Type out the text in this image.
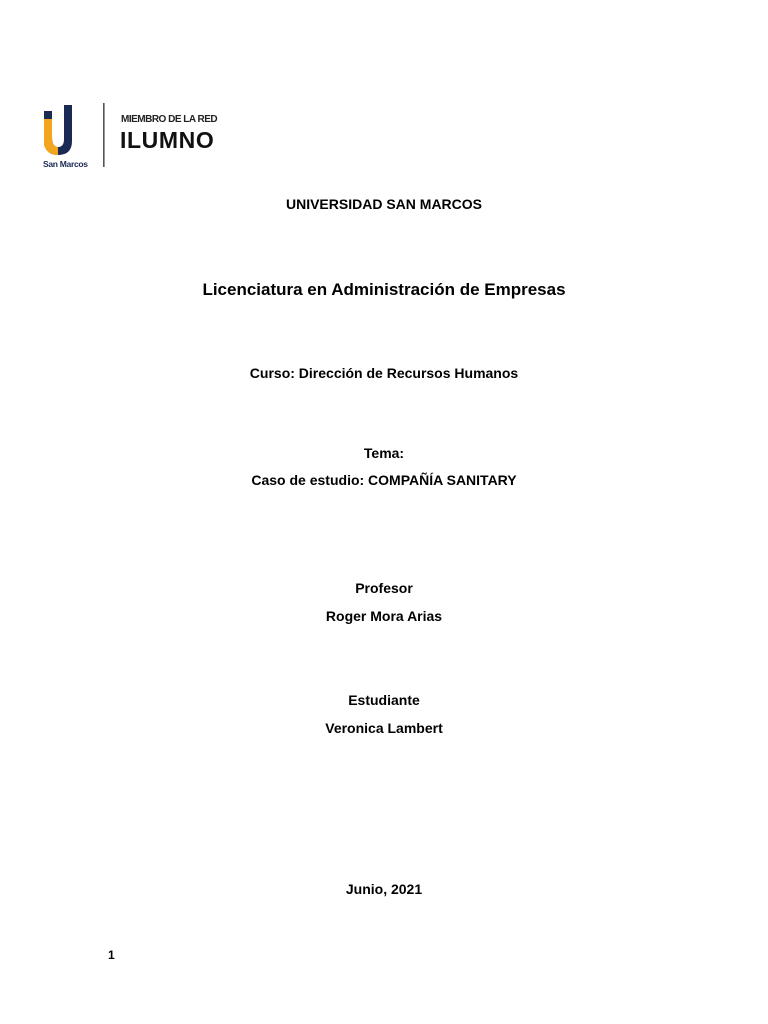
San Marcos
MIEMBRO DE LA RED
ILUMNO
UNIVERSIDAD SAN MARCOS
Licenciatura en Administración de Empresas
Curso: Dirección de Recursos Humanos
Tema:
Caso de estudio: COMPAÑÍA SANITARY
Profesor
Roger Mora Arias
Estudiante
Veronica Lambert
Junio, 2021
1
